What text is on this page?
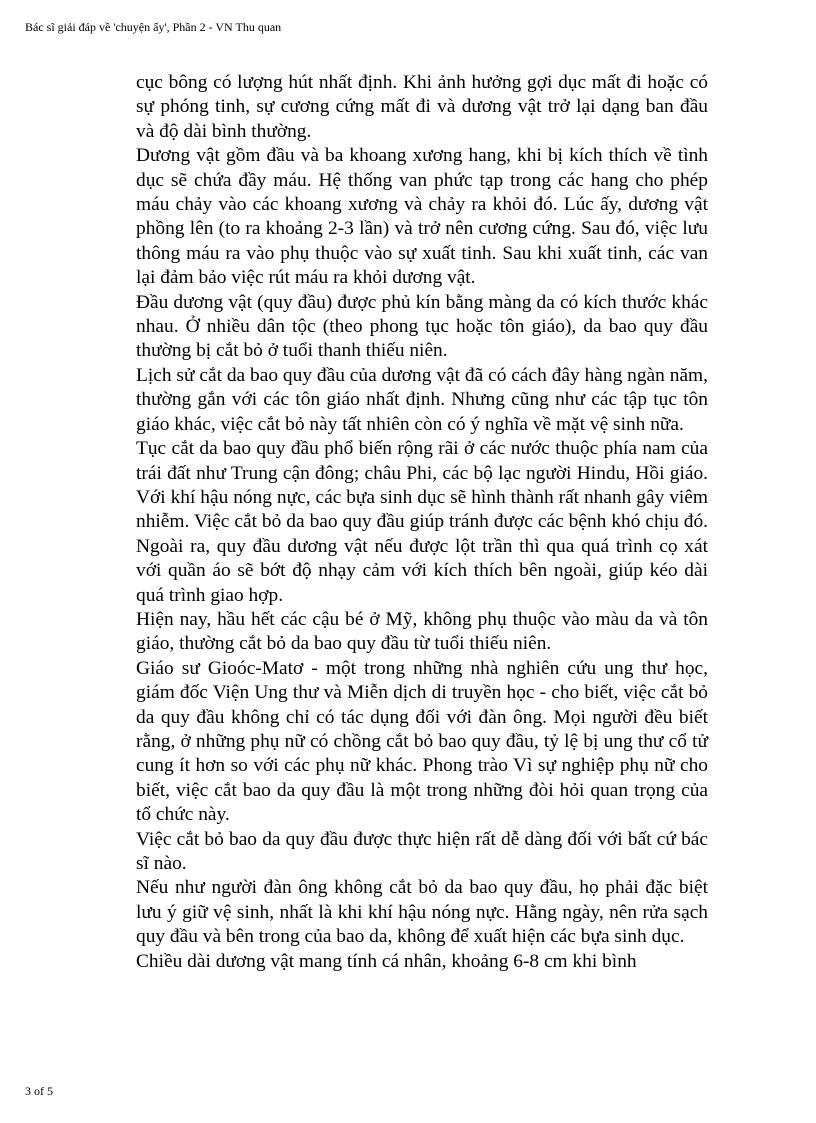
Bác sĩ giải đáp về 'chuyện ấy', Phần 2 - VN Thu quan

cục bông có lượng hút nhất định. Khi ảnh hưởng gợi dục mất đi hoặc có sự phóng tinh, sự cương cứng mất đi và dương vật trở lại dạng ban đầu và độ dài bình thường.

Dương vật gồm đầu và ba khoang xương hang, khi bị kích thích về tình dục sẽ chứa đầy máu. Hệ thống van phức tạp trong các hang cho phép máu chảy vào các khoang xương và chảy ra khỏi đó. Lúc ấy, dương vật phồng lên (to ra khoảng 2-3 lần) và trở nên cương cứng. Sau đó, việc lưu thông máu ra vào phụ thuộc vào sự xuất tinh. Sau khi xuất tinh, các van lại đảm bảo việc rút máu ra khỏi dương vật.

Đầu dương vật (quy đầu) được phủ kín bằng màng da có kích thước khác nhau. Ở nhiều dân tộc (theo phong tục hoặc tôn giáo), da bao quy đầu thường bị cắt bỏ ở tuổi thanh thiếu niên.

Lịch sử cắt da bao quy đầu của dương vật đã có cách đây hàng ngàn năm, thường gắn với các tôn giáo nhất định. Nhưng cũng như các tập tục tôn giáo khác, việc cắt bỏ này tất nhiên còn có ý nghĩa về mặt vệ sinh nữa.

Tục cắt da bao quy đầu phổ biến rộng rãi ở các nước thuộc phía nam của trái đất như Trung cận đông; châu Phi, các bộ lạc người Hindu, Hồi giáo. Với khí hậu nóng nực, các bựa sinh dục sẽ hình thành rất nhanh gây viêm nhiễm. Việc cắt bỏ da bao quy đầu giúp tránh được các bệnh khó chịu đó. Ngoài ra, quy đầu dương vật nếu được lột trần thì qua quá trình cọ xát với quần áo sẽ bớt độ nhạy cảm với kích thích bên ngoài, giúp kéo dài quá trình giao hợp.

Hiện nay, hầu hết các cậu bé ở Mỹ, không phụ thuộc vào màu da và tôn giáo, thường cắt bỏ da bao quy đầu từ tuổi thiếu niên.

Giáo sư Gioóc-Matơ - một trong những nhà nghiên cứu ung thư học, giám đốc Viện Ung thư và Miễn dịch di truyền học - cho biết, việc cắt bỏ da quy đầu không chỉ có tác dụng đối với đàn ông. Mọi người đều biết rằng, ở những phụ nữ có chồng cắt bỏ bao quy đầu, tỷ lệ bị ung thư cổ tử cung ít hơn so với các phụ nữ khác. Phong trào Vì sự nghiệp phụ nữ cho biết, việc cắt bao da quy đầu là một trong những đòi hỏi quan trọng của tổ chức này.

Việc cắt bỏ bao da quy đầu được thực hiện rất dễ dàng đối với bất cứ bác sĩ nào.

Nếu như người đàn ông không cắt bỏ da bao quy đầu, họ phải đặc biệt lưu ý giữ vệ sinh, nhất là khi khí hậu nóng nực. Hằng ngày, nên rửa sạch quy đầu và bên trong của bao da, không để xuất hiện các bựa sinh dục.

Chiều dài dương vật mang tính cá nhân, khoảng 6-8 cm khi bình

3 of 5
